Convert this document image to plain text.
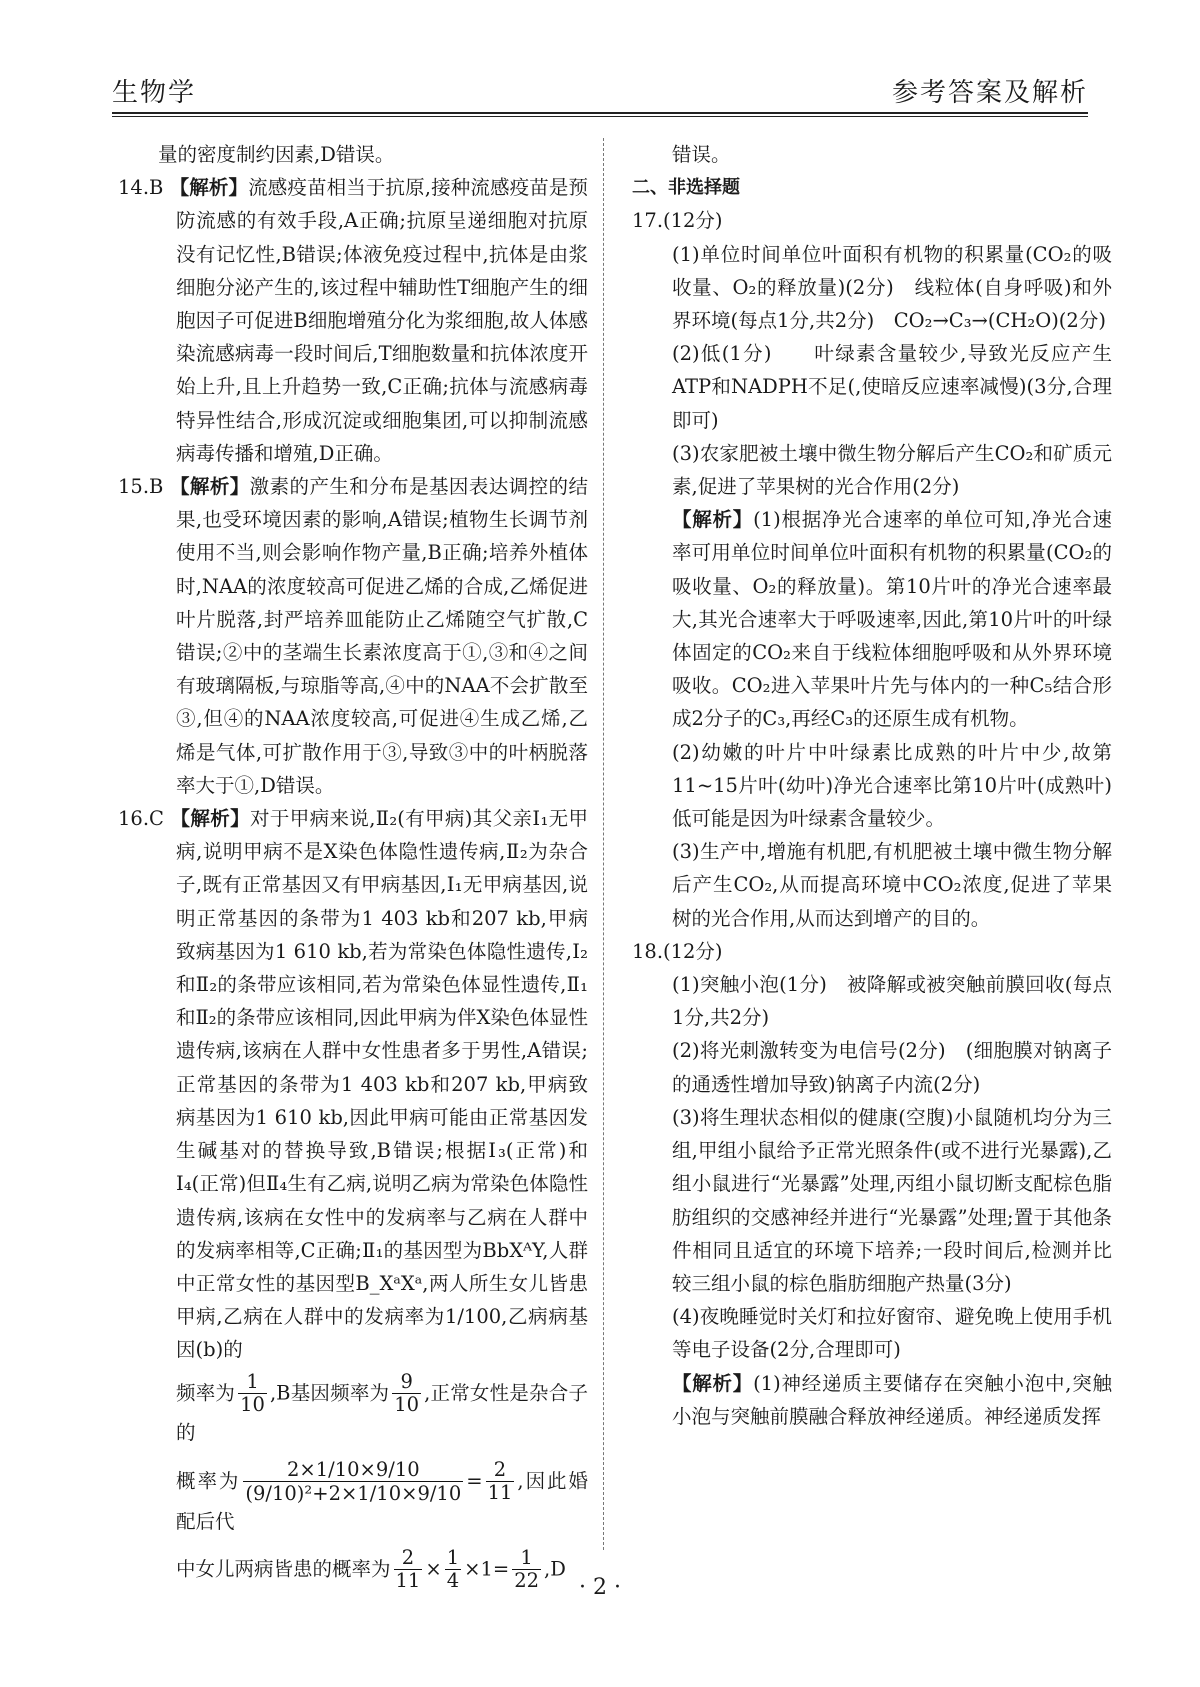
生物学	参考答案及解析

量的密度制约因素,D错误。

14.B 【解析】流感疫苗相当于抗原,接种流感疫苗是预防流感的有效手段,A正确;抗原呈递细胞对抗原没有记忆性,B错误;体液免疫过程中,抗体是由浆细胞分泌产生的,该过程中辅助性T细胞产生的细胞因子可促进B细胞增殖分化为浆细胞,故人体感染流感病毒一段时间后,T细胞数量和抗体浓度开始上升,且上升趋势一致,C正确;抗体与流感病毒特异性结合,形成沉淀或细胞集团,可以抑制流感病毒传播和增殖,D正确。

15.B 【解析】激素的产生和分布是基因表达调控的结果,也受环境因素的影响,A错误;植物生长调节剂使用不当,则会影响作物产量,B正确;培养外植体时,NAA的浓度较高可促进乙烯的合成,乙烯促进叶片脱落,封严培养皿能防止乙烯随空气扩散,C错误;②中的茎端生长素浓度高于①,③和④之间有玻璃隔板,与琼脂等高,④中的NAA不会扩散至③,但④的NAA浓度较高,可促进④生成乙烯,乙烯是气体,可扩散作用于③,导致③中的叶柄脱落率大于①,D错误。

16.C 【解析】对于甲病来说,Ⅱ₂(有甲病)其父亲Ⅰ₁无甲病,说明甲病不是X染色体隐性遗传病,Ⅱ₂为杂合子,既有正常基因又有甲病基因,Ⅰ₁无甲病基因,说明正常基因的条带为1 403 kb和207 kb,甲病致病基因为1 610 kb,若为常染色体隐性遗传,Ⅰ₂和Ⅱ₂的条带应该相同,若为常染色体显性遗传,Ⅱ₁和Ⅱ₂的条带应该相同,因此甲病为伴X染色体显性遗传病,该病在人群中女性患者多于男性,A错误;正常基因的条带为1 403 kb和207 kb,甲病致病基因为1 610 kb,因此甲病可能由正常基因发生碱基对的替换导致,B错误;根据Ⅰ₃(正常)和Ⅰ₄(正常)但Ⅱ₄生有乙病,说明乙病为常染色体隐性遗传病,该病在女性中的发病率与乙病在人群中的发病率相等,C正确;Ⅱ₁的基因型为BbXᴬY,人群中正常女性的基因型B_XᵃXᵃ,两人所生女儿皆患甲病,乙病在人群中的发病率为1/100,乙病病基因(b)的

频率为 $\frac{1}{10} ,B$基因频率为 $\frac{9}{10}$ ,正常女性是杂合子的

概率为 $\frac{2\times 1/10\times 9/10}{\text{(9/10)²+2×1/10×9/10}} = \frac{2}{11}$ ,因此婚配后代

中女儿两病皆患的概率为 $\frac{2}{11} \times \frac{1}{4} \times 1= \frac{1}{22} ,D$

错误。

二、非选择题

17.(12分)

(1)单位时间单位叶面积有机物的积累量(CO₂的吸收量、O₂的释放量)(2分)　线粒体(自身呼吸)和外界环境(每点1分,共2分)　CO₂→C₃→(CH₂O)(2分)

(2)低(1分)　　叶绿素含量较少,导致光反应产生ATP和NADPH不足(,使暗反应速率减慢)(3分,合理即可)

(3)农家肥被土壤中微生物分解后产生CO₂和矿质元素,促进了苹果树的光合作用(2分)

【解析】(1)根据净光合速率的单位可知,净光合速率可用单位时间单位叶面积有机物的积累量(CO₂的吸收量、O₂的释放量)。第10片叶的净光合速率最大,其光合速率大于呼吸速率,因此,第10片叶的叶绿体固定的CO₂来自于线粒体细胞呼吸和从外界环境吸收。CO₂进入苹果叶片先与体内的一种C₅结合形成2分子的C₃,再经C₃的还原生成有机物。

(2)幼嫩的叶片中叶绿素比成熟的叶片中少,故第11~15片叶(幼叶)净光合速率比第10片叶(成熟叶)低可能是因为叶绿素含量较少。

(3)生产中,增施有机肥,有机肥被土壤中微生物分解后产生CO₂,从而提高环境中CO₂浓度,促进了苹果树的光合作用,从而达到增产的目的。

18.(12分)

(1)突触小泡(1分)　被降解或被突触前膜回收(每点1分,共2分)

(2)将光刺激转变为电信号(2分)　(细胞膜对钠离子的通透性增加导致)钠离子内流(2分)

(3)将生理状态相似的健康(空腹)小鼠随机均分为三组,甲组小鼠给予正常光照条件(或不进行光暴露),乙组小鼠进行“光暴露”处理,丙组小鼠切断支配棕色脂肪组织的交感神经并进行“光暴露”处理;置于其他条件相同且适宜的环境下培养;一段时间后,检测并比较三组小鼠的棕色脂肪细胞产热量(3分)

(4)夜晚睡觉时关灯和拉好窗帘、避免晚上使用手机等电子设备(2分,合理即可)

【解析】(1)神经递质主要储存在突触小泡中,突触小泡与突触前膜融合释放神经递质。神经递质发挥

· 2 ·
